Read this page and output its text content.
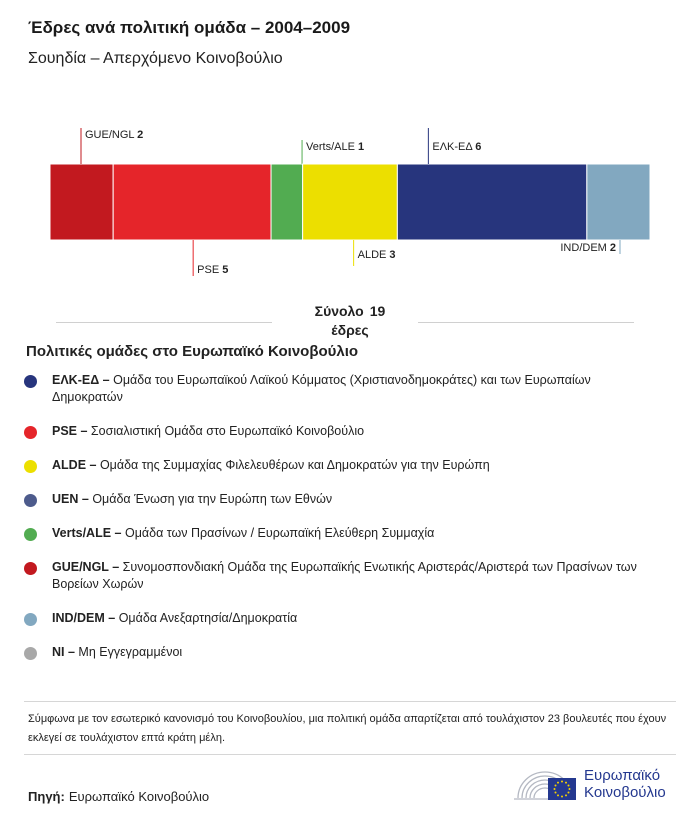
Έδρες ανά πολιτική ομάδα – 2004–2009
Σουηδία – Απερχόμενο Κοινοβούλιο
GUE/NGL 2
PSE 5
Verts/ALE 1
ALDE 3
ΕΛΚ-ΕΔ 6
IND/DEM 2
Σύνολο 19
έδρες
Πολιτικές ομάδες στο Ευρωπαϊκό Κοινοβούλιο
ΕΛΚ-ΕΔ – Ομάδα του Ευρωπαϊκού Λαϊκού Κόμματος (Χριστιανοδημοκράτες) και των Ευρωπαίων Δημοκρατών
PSE – Σοσιαλιστική Ομάδα στο Ευρωπαϊκό Κοινοβούλιο
ALDE – Ομάδα της Συμμαχίας Φιλελευθέρων και Δημοκρατών για την Ευρώπη
UEN – Ομάδα Ένωση για την Ευρώπη των Εθνών
Verts/ALE – Ομάδα των Πρασίνων / Ευρωπαϊκή Ελεύθερη Συμμαχία
GUE/NGL – Συνομοσπονδιακή Ομάδα της Ευρωπαϊκής Ενωτικής Αριστεράς/Αριστερά των Πρασίνων των Βορείων Χωρών
IND/DEM – Ομάδα Ανεξαρτησία/Δημοκρατία
NI – Μη Εγγεγραμμένοι
Σύμφωνα με τον εσωτερικό κανονισμό του Κοινοβουλίου, μια πολιτική ομάδα απαρτίζεται από τουλάχιστον 23 βουλευτές που έχουν εκλεγεί σε τουλάχιστον επτά κράτη μέλη.
Πηγή: Ευρωπαϊκό Κοινοβούλιο
Ευρωπαϊκό
Κοινοβούλιο
